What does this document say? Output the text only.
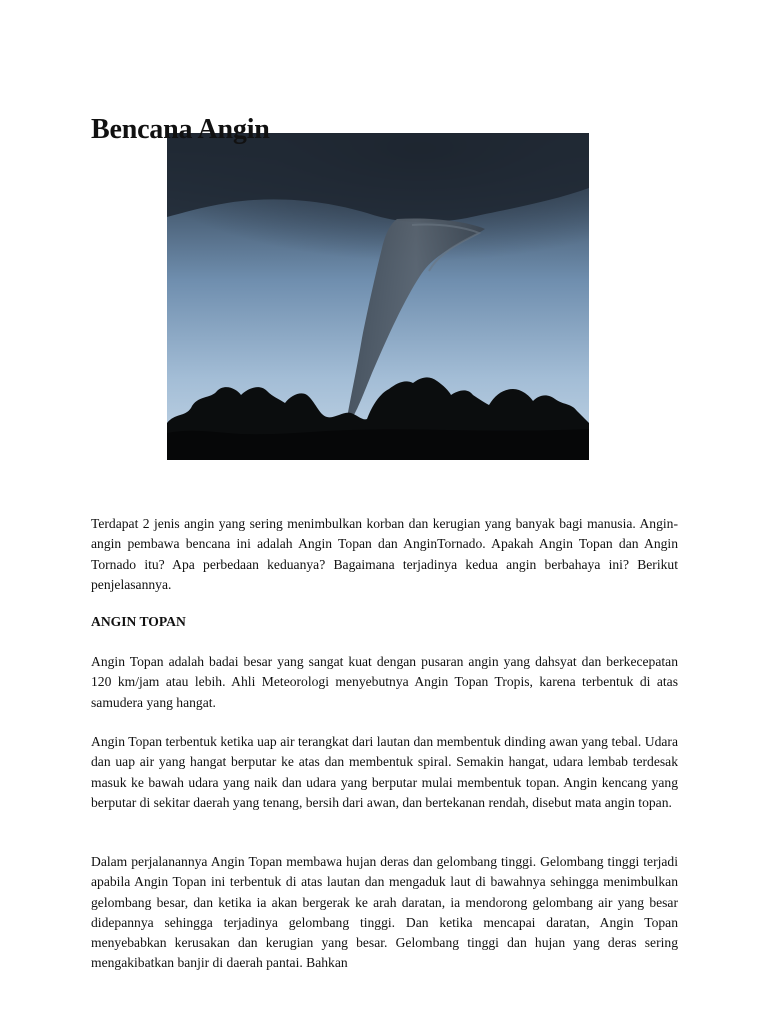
Bencana Angin

Terdapat 2 jenis angin yang sering menimbulkan korban dan kerugian yang banyak bagi manusia. Angin-angin pembawa bencana ini adalah Angin Topan dan AnginTornado. Apakah Angin Topan dan Angin Tornado itu? Apa perbedaan keduanya? Bagaimana terjadinya kedua angin berbahaya ini? Berikut penjelasannya.

ANGIN TOPAN

Angin Topan adalah badai besar yang sangat kuat dengan pusaran angin yang dahsyat dan berkecepatan 120 km/jam atau lebih. Ahli Meteorologi menyebutnya Angin Topan Tropis, karena terbentuk di atas samudera yang hangat.

Angin Topan terbentuk ketika uap air terangkat dari lautan dan membentuk dinding awan yang tebal. Udara dan uap air yang hangat berputar ke atas dan membentuk spiral. Semakin hangat, udara lembab terdesak masuk ke bawah udara yang naik dan udara yang berputar mulai membentuk topan. Angin kencang yang berputar di sekitar daerah yang tenang, bersih dari awan, dan bertekanan rendah, disebut mata angin topan.

Dalam perjalanannya Angin Topan membawa hujan deras dan gelombang tinggi. Gelombang tinggi terjadi apabila Angin Topan ini terbentuk di atas lautan dan mengaduk laut di bawahnya sehingga menimbulkan gelombang besar, dan ketika ia akan bergerak ke arah daratan, ia mendorong gelombang air yang besar didepannya sehingga terjadinya gelombang tinggi. Dan ketika mencapai daratan, Angin Topan menyebabkan kerusakan dan kerugian yang besar. Gelombang tinggi dan hujan yang deras sering mengakibatkan banjir di daerah pantai. Bahkan
